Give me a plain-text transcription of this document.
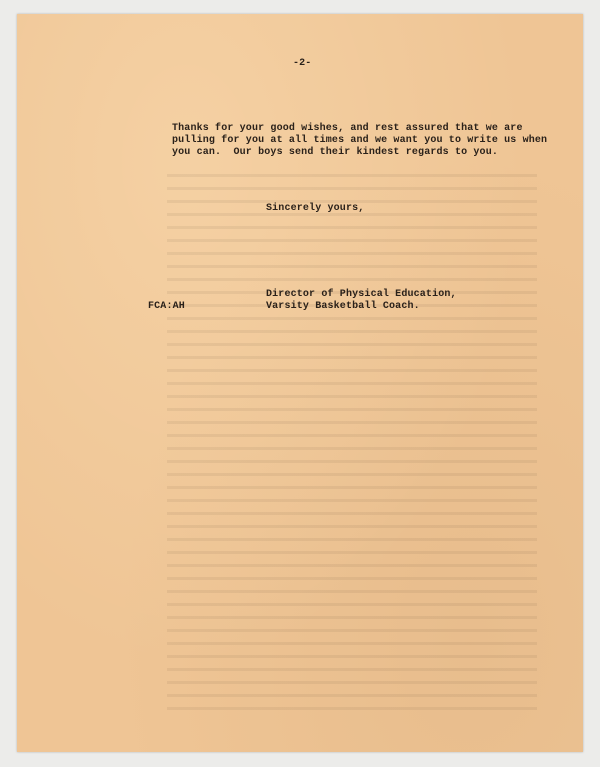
-2-
Thanks for your good wishes, and rest assured that we are
pulling for you at all times and we want you to write us when
you can.  Our boys send their kindest regards to you.
Sincerely yours,
Director of Physical Education,
Varsity Basketball Coach.
FCA:AH
